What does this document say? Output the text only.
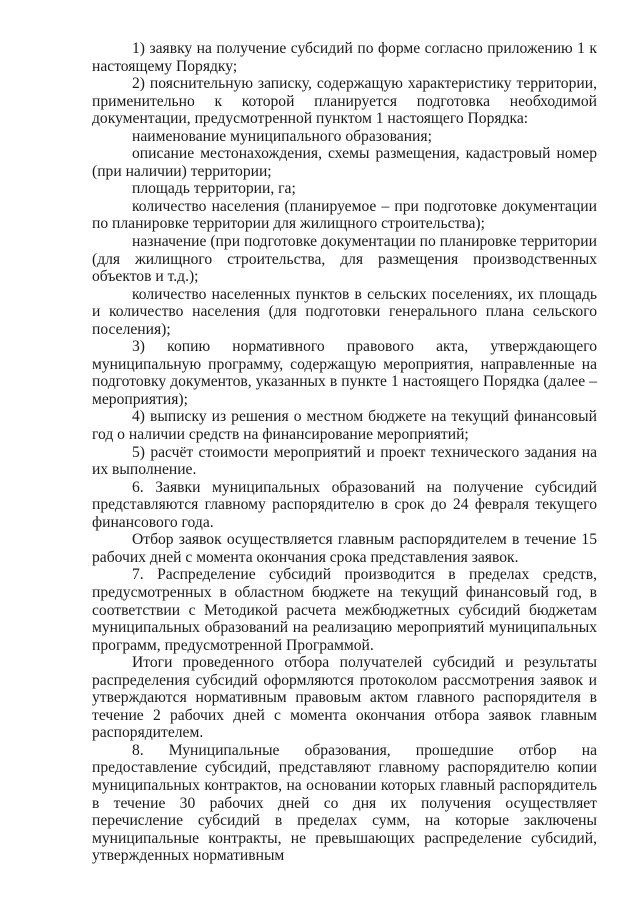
1) заявку на получение субсидий по форме согласно приложению 1 к настоящему Порядку;

2) пояснительную записку, содержащую характеристику территории, применительно к которой планируется подготовка необходимой документации, предусмотренной пунктом 1 настоящего Порядка:

наименование муниципального образования;

описание местонахождения, схемы размещения, кадастровый номер (при наличии) территории;

площадь территории, га;

количество населения (планируемое – при подготовке документации по планировке территории для жилищного строительства);

назначение (при подготовке документации по планировке территории (для жилищного строительства, для размещения производственных объектов и т.д.);

количество населенных пунктов в сельских поселениях, их площадь и количество населения (для подготовки генерального плана сельского поселения);

3) копию нормативного правового акта, утверждающего муниципальную программу, содержащую мероприятия, направленные на подготовку документов, указанных в пункте 1 настоящего Порядка (далее – мероприятия);

4) выписку из решения о местном бюджете на текущий финансовый год о наличии средств на финансирование мероприятий;

5) расчёт стоимости мероприятий и проект технического задания на их выполнение.

6. Заявки муниципальных образований на получение субсидий представляются главному распорядителю в срок до 24 февраля текущего финансового года.

Отбор заявок осуществляется главным распорядителем в течение 15 рабочих дней с момента окончания срока представления заявок.

7. Распределение субсидий производится в пределах средств, предусмотренных в областном бюджете на текущий финансовый год, в соответствии с Методикой расчета межбюджетных субсидий бюджетам муниципальных образований на реализацию мероприятий муниципальных программ, предусмотренной Программой.

Итоги проведенного отбора получателей субсидий и результаты распределения субсидий оформляются протоколом рассмотрения заявок и утверждаются нормативным правовым актом главного распорядителя в течение 2 рабочих дней с момента окончания отбора заявок главным распорядителем.

8. Муниципальные образования, прошедшие отбор на предоставление субсидий, представляют главному распорядителю копии муниципальных контрактов, на основании которых главный распорядитель в течение 30 рабочих дней со дня их получения осуществляет перечисление субсидий в пределах сумм, на которые заключены муниципальные контракты, не превышающих распределение субсидий, утвержденных нормативным
